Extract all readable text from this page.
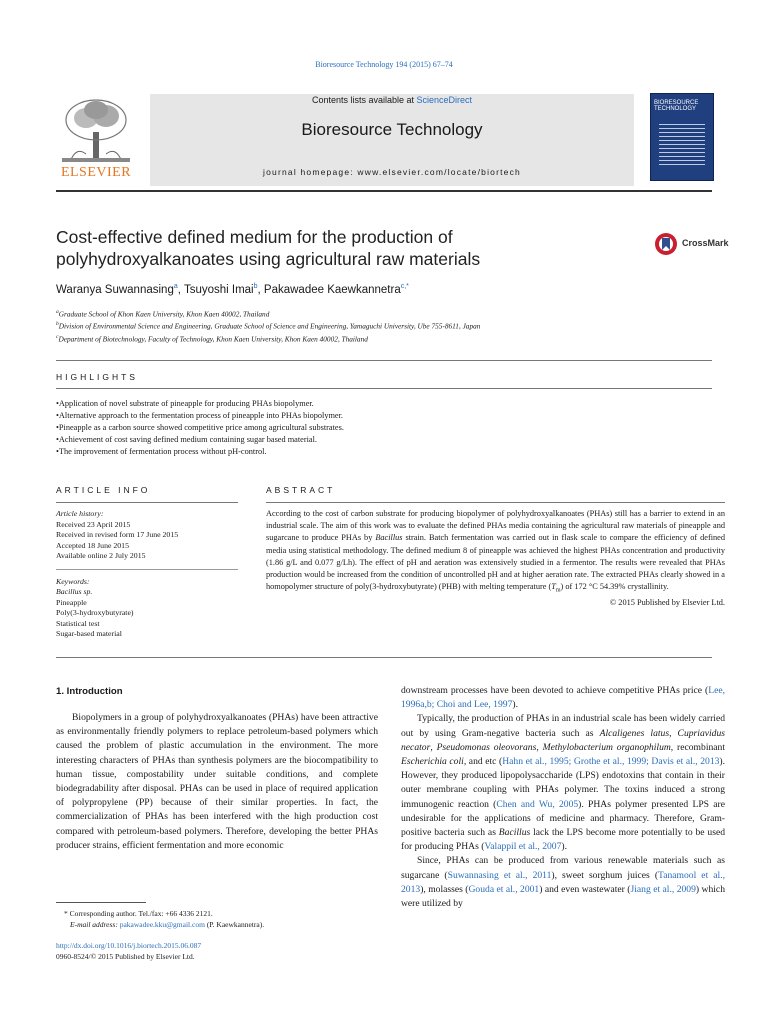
Bioresource Technology 194 (2015) 67–74
ELSEVIER
Contents lists available at ScienceDirect
Bioresource Technology
journal homepage: www.elsevier.com/locate/biortech
BIORESOURCE TECHNOLOGY
Cost-effective defined medium for the production of polyhydroxyalkanoates using agricultural raw materials
CrossMark
Waranya Suwannasing$^a$, Tsuyoshi Imai$^b$, Pakawadee Kaewkannetra$^{c,*}$
$^a$Graduate School of Khon Kaen University, Khon Kaen 40002, Thailand
$^b$Division of Environmental Science and Engineering, Graduate School of Science and Engineering, Yamaguchi University, Ube 755-8611, Japan
$^c$Department of Biotechnology, Faculty of Technology, Khon Kaen University, Khon Kaen 40002, Thailand
HIGHLIGHTS
• Application of novel substrate of pineapple for producing PHAs biopolymer.
• Alternative approach to the fermentation process of pineapple into PHAs biopolymer.
• Pineapple as a carbon source showed competitive price among agricultural substrates.
• Achievement of cost saving defined medium containing sugar based material.
• The improvement of fermentation process without pH-control.
ARTICLE INFO	ABSTRACT
Article history:
Received 23 April 2015
Received in revised form 17 June 2015
Accepted 18 June 2015
Available online 2 July 2015
Keywords:
Bacillus sp.
Pineapple
Poly(3-hydroxybutyrate)
Statistical test
Sugar-based material
According to the cost of carbon substrate for producing biopolymer of polyhydroxyalkanoates (PHAs) still has a barrier to extend in an industrial scale. The aim of this work was to evaluate the defined PHAs media containing the agricultural raw materials of pineapple and sugarcane to produce PHAs by Bacillus strain. Batch fermentation was carried out in flask scale to compare the efficiency of defined media using statistical methodology. The defined medium 8 of pineapple was achieved the highest PHAs concentration and productivity (1.86 g/L and 0.077 g/Lh). The effect of pH and aeration was extensively studied in a fermentor. The results were revealed that PHAs production would be increased from the condition of uncontrolled pH and at higher aeration rate. The extracted PHAs clearly showed in a homopolymer structure of poly(3-hydroxybutyrate) (PHB) with melting temperature $(T_m)$ of 172 °C 54.39% crystallinity.
© 2015 Published by Elsevier Ltd.
1. Introduction

Biopolymers in a group of polyhydroxyalkanoates (PHAs) have been attractive as environmentally friendly polymers to replace petroleum-based polymers which caused the problem of plastic accumulation in the environment. The more interesting characters of PHAs than synthesis polymers are the biocompatibility to human tissue, compostability under suitable conditions, and complete biodegradability after disposal. PHAs can be used in place of required application of polypropylene (PP) because of their similar properties. In fact, the commercialization of PHAs has been interfered with the high production cost compared with petroleum-based polymers. Therefore, developing the better PHAs producer strains, efficient fermentation and more economic

downstream processes have been devoted to achieve competitive PHAs price (Lee, 1996a,b; Choi and Lee, 1997).

Typically, the production of PHAs in an industrial scale has been widely carried out by using Gram-negative bacteria such as Alcaligenes latus, Cupriavidus necator, Pseudomonas oleovorans, Methylobacterium organophilum, recombinant Escherichia coli, and etc (Hahn et al., 1995; Grothe et al., 1999; Davis et al., 2013). However, they produced lipopolysaccharide (LPS) endotoxins that contain in their outer membrane coupling with PHAs polymer. The toxins induced a strong immunogenic reaction (Chen and Wu, 2005). PHAs polymer presented LPS are undesirable for the applications of medicine and pharmacy. Therefore, Gram-positive bacteria such as Bacillus lack the LPS become more potentially to be used for producing PHAs (Valappil et al., 2007).

Since, PHAs can be produced from various renewable materials such as sugarcane (Suwannasing et al., 2011), sweet sorghum juices (Tanamool et al., 2013), molasses (Gouda et al., 2001) and even wastewater (Jiang et al., 2009) which were utilized by

* Corresponding author. Tel./fax: +66 4336 2121.
E-mail address: pakawadee.kku@gmail.com (P. Kaewkannetra).
http://dx.doi.org/10.1016/j.biortech.2015.06.087
0960-8524/© 2015 Published by Elsevier Ltd.
